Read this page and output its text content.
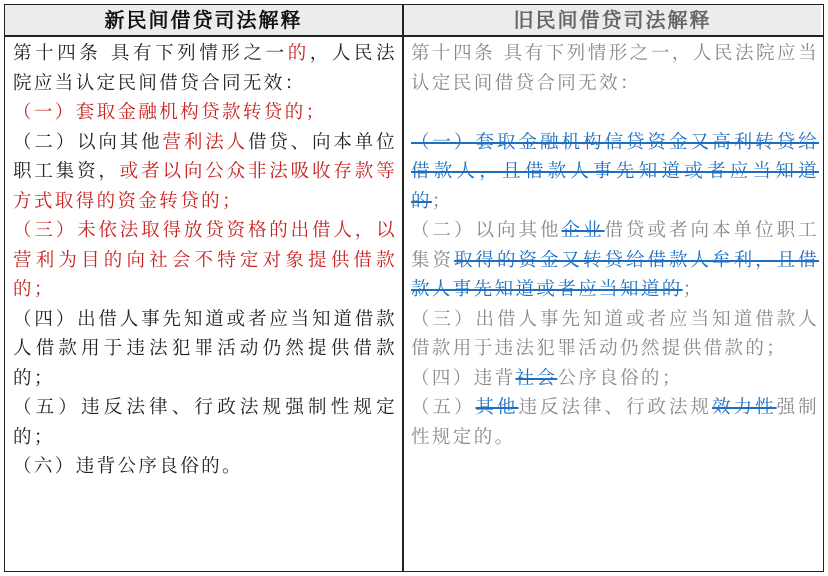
新民间借贷司法解释	旧民间借贷司法解释

第十四条 具有下列情形之一的，人民法院应当认定民间借贷合同无效：

（一）套取金融机构贷款转贷的；

（二）以向其他营利法人借贷、向本单位职工集资，或者以向公众非法吸收存款等方式取得的资金转贷的；

（三）未依法取得放贷资格的出借人，以营利为目的向社会不特定对象提供借款的；

（四）出借人事先知道或者应当知道借款人借款用于违法犯罪活动仍然提供借款的；

（五）违反法律、行政法规强制性规定的；

（六）违背公序良俗的。

第十四条 具有下列情形之一，人民法院应当认定民间借贷合同无效：

（一）套取金融机构信贷资金又高利转贷给借款人，且借款人事先知道或者应当知道的；

（二）以向其他企业借贷或者向本单位职工集资取得的资金又转贷给借款人牟利，且借款人事先知道或者应当知道的；

（三）出借人事先知道或者应当知道借款人借款用于违法犯罪活动仍然提供借款的；

（四）违背社会公序良俗的；

（五）其他违反法律、行政法规效力性强制性规定的。
